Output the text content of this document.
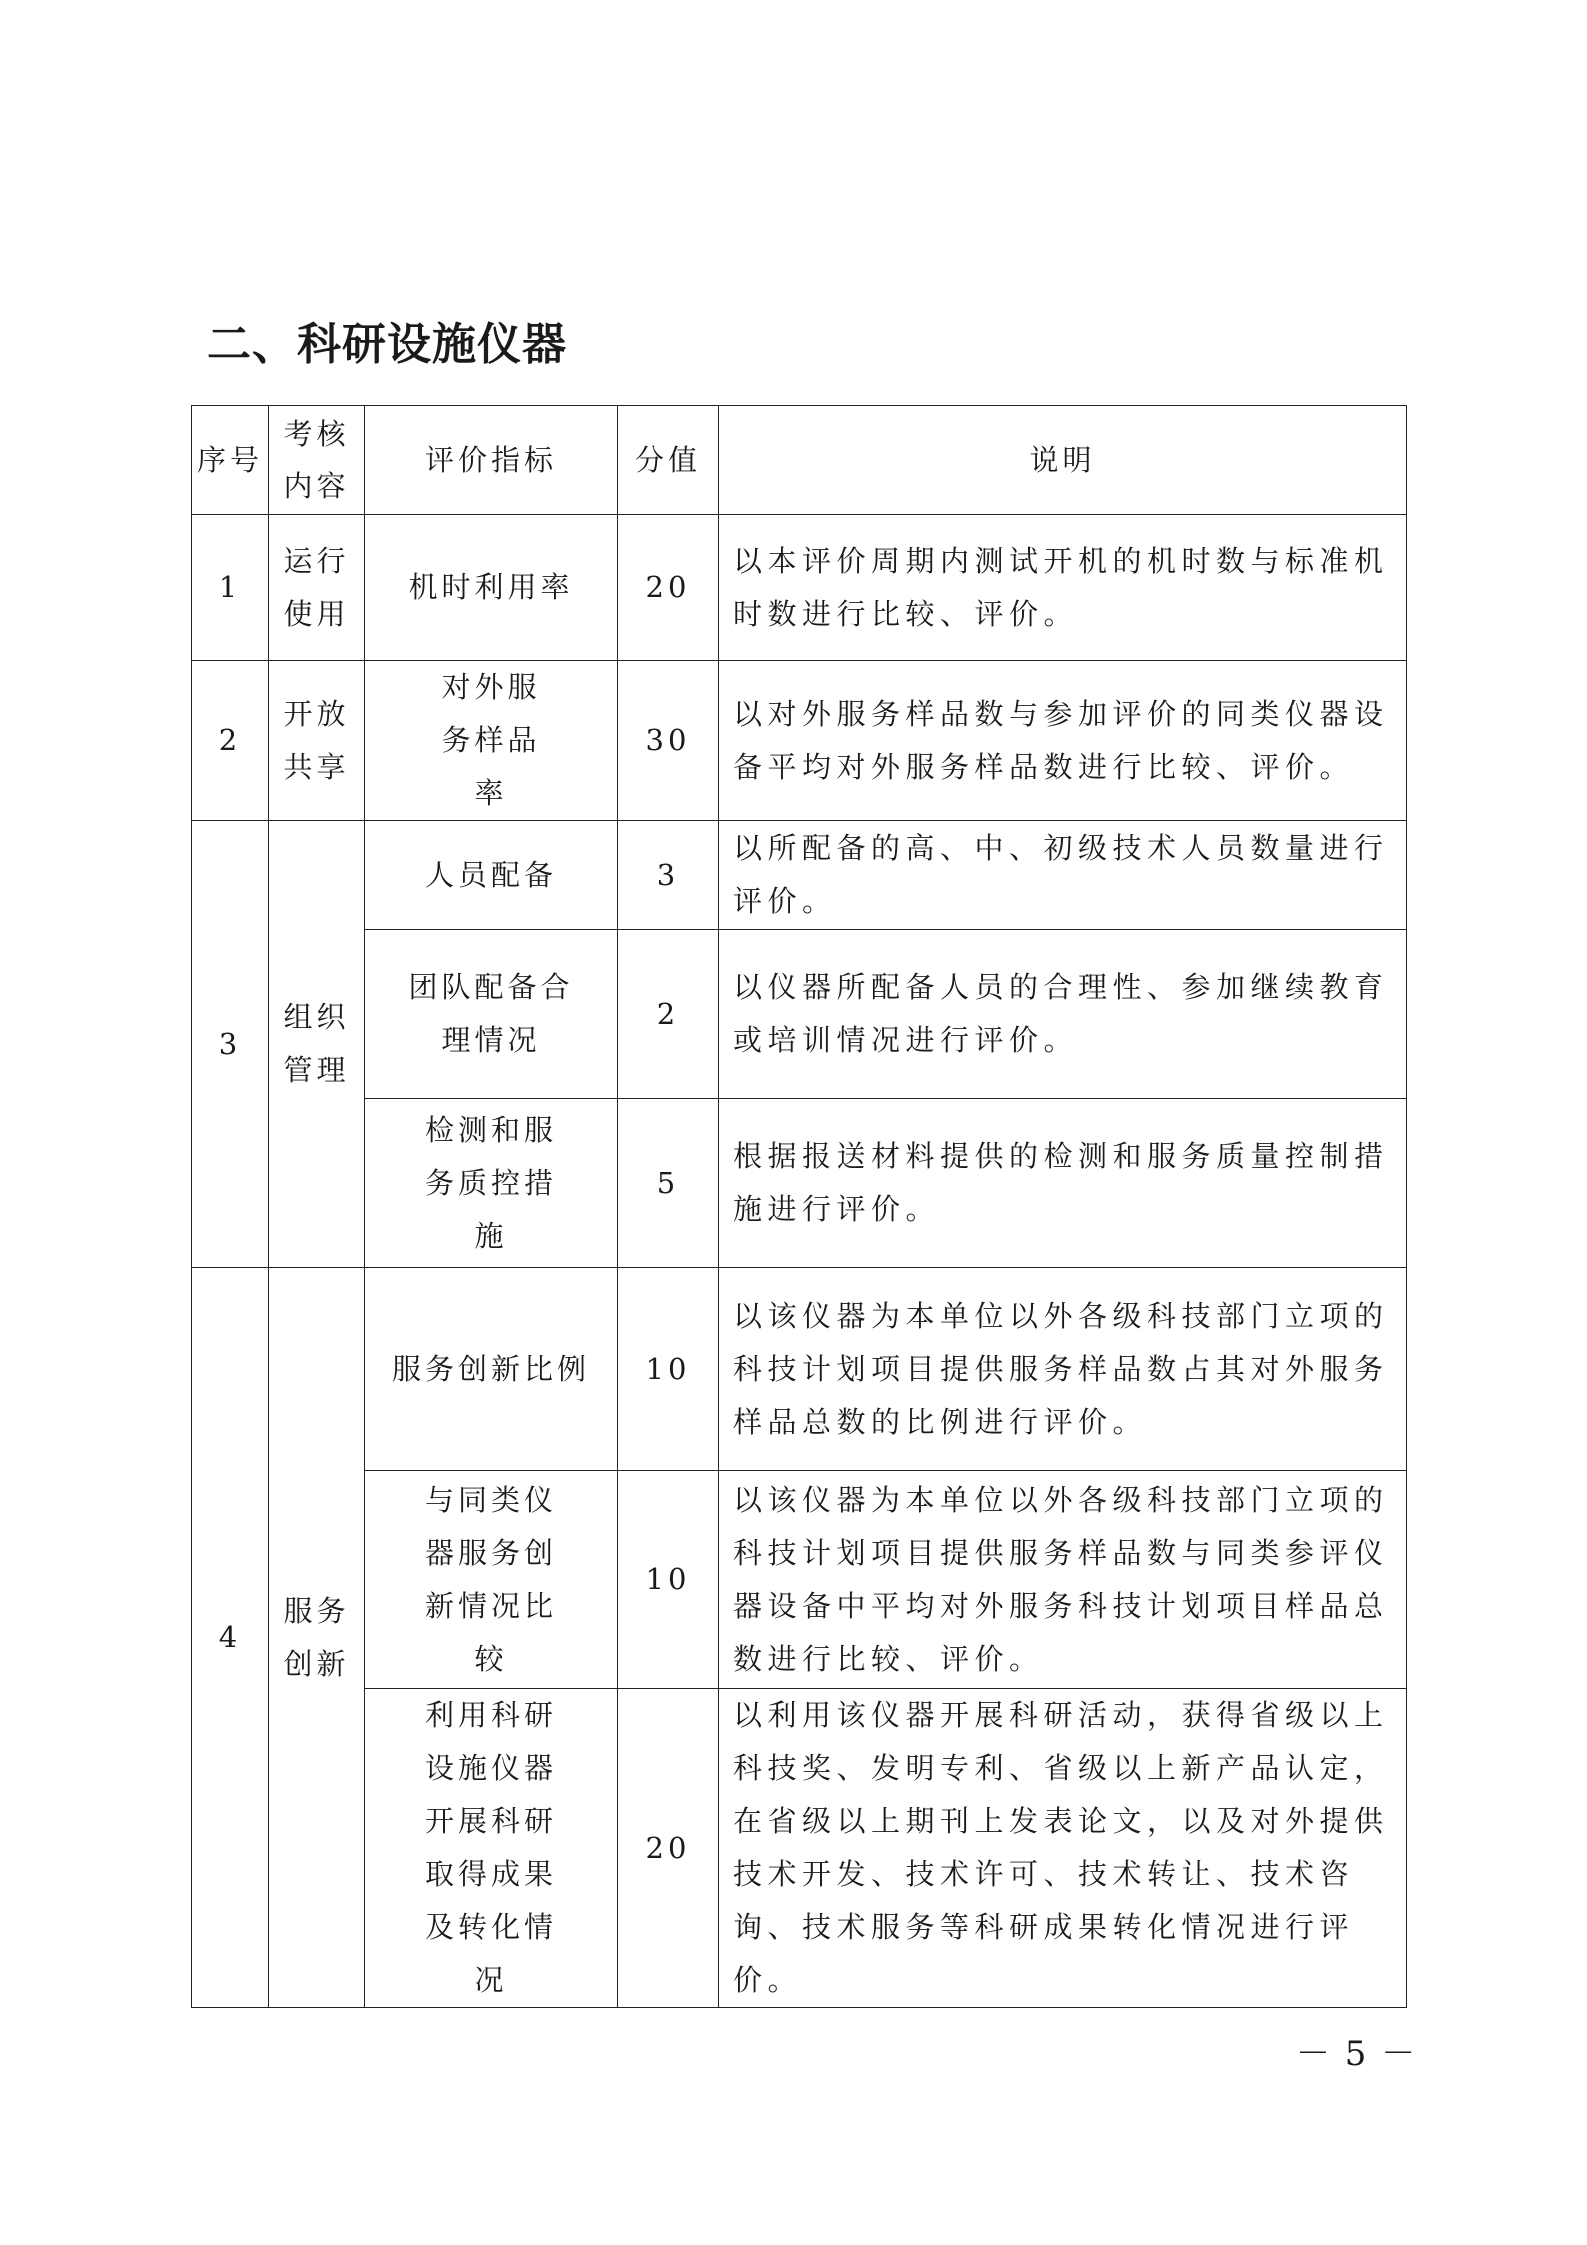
二、科研设施仪器
序号	考核内容	评价指标	分值	说明
1	运行使用	机时利用率	20	以本评价周期内测试开机的机时数与标准机时数进行比较、评价。
2	开放共享	对外服务样品率	30	以对外服务样品数与参加评价的同类仪器设备平均对外服务样品数进行比较、评价。
3	组织管理	人员配备	3	以所配备的高、中、初级技术人员数量进行评价。

		团队配备合理情况	2	以仪器所配备人员的合理性、参加继续教育或培训情况进行评价。

		检测和服务质控措施	5	根据报送材料提供的检测和服务质量控制措施进行评价。
4	服务创新	服务创新比例	10	以该仪器为本单位以外各级科技部门立项的科技计划项目提供服务样品数占其对外服务样品总数的比例进行评价。

		与同类仪器服务创新情况比较	10	以该仪器为本单位以外各级科技部门立项的科技计划项目提供服务样品数与同类参评仪器设备中平均对外服务科技计划项目样品总数进行比较、评价。

		利用科研设施仪器开展科研取得成果及转化情况	20	以利用该仪器开展科研活动，获得省级以上科技奖、发明专利、省级以上新产品认定，在省级以上期刊上发表论文，以及对外提供技术开发、技术许可、技术转让、技术咨询、技术服务等科研成果转化情况进行评价。
－ 5 －
